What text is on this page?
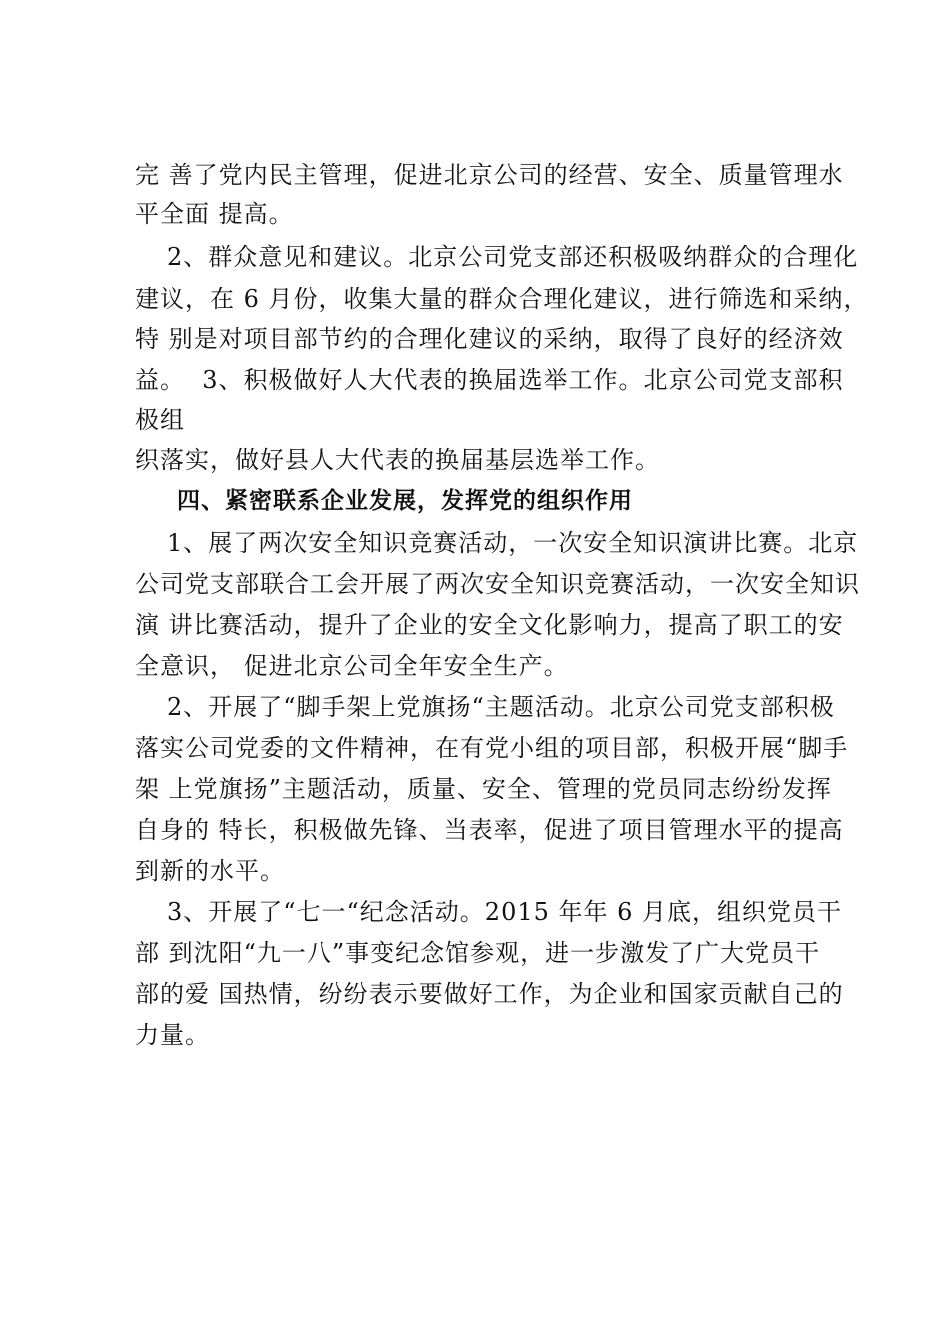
完 善了党内民主管理，促进北京公司的经营、安全、质量管理水
平全面 提高。
2、群众意见和建议。北京公司党支部还积极吸纳群众的合理化
建议，在 6 月份，收集大量的群众合理化建议，进行筛选和采纳，
特 别是对项目部节约的合理化建议的采纳，取得了良好的经济效
益。  3、积极做好人大代表的换届选举工作。北京公司党支部积
极组
织落实，做好县人大代表的换届基层选举工作。
四、紧密联系企业发展，发挥党的组织作用
1、展了两次安全知识竞赛活动，一次安全知识演讲比赛。北京
公司党支部联合工会开展了两次安全知识竞赛活动，一次安全知识
演 讲比赛活动，提升了企业的安全文化影响力，提高了职工的安
全意识， 促进北京公司全年安全生产。
2、开展了“脚手架上党旗扬“主题活动。北京公司党支部积极
落实公司党委的文件精神，在有党小组的项目部，积极开展“脚手
架 上党旗扬”主题活动，质量、安全、管理的党员同志纷纷发挥
自身的 特长，积极做先锋、当表率，促进了项目管理水平的提高
到新的水平。
3、开展了“七一“纪念活动。2015 年年 6 月底，组织党员干
部 到沈阳“九一八”事变纪念馆参观，进一步激发了广大党员干
部的爱 国热情，纷纷表示要做好工作，为企业和国家贡献自己的
力量。
